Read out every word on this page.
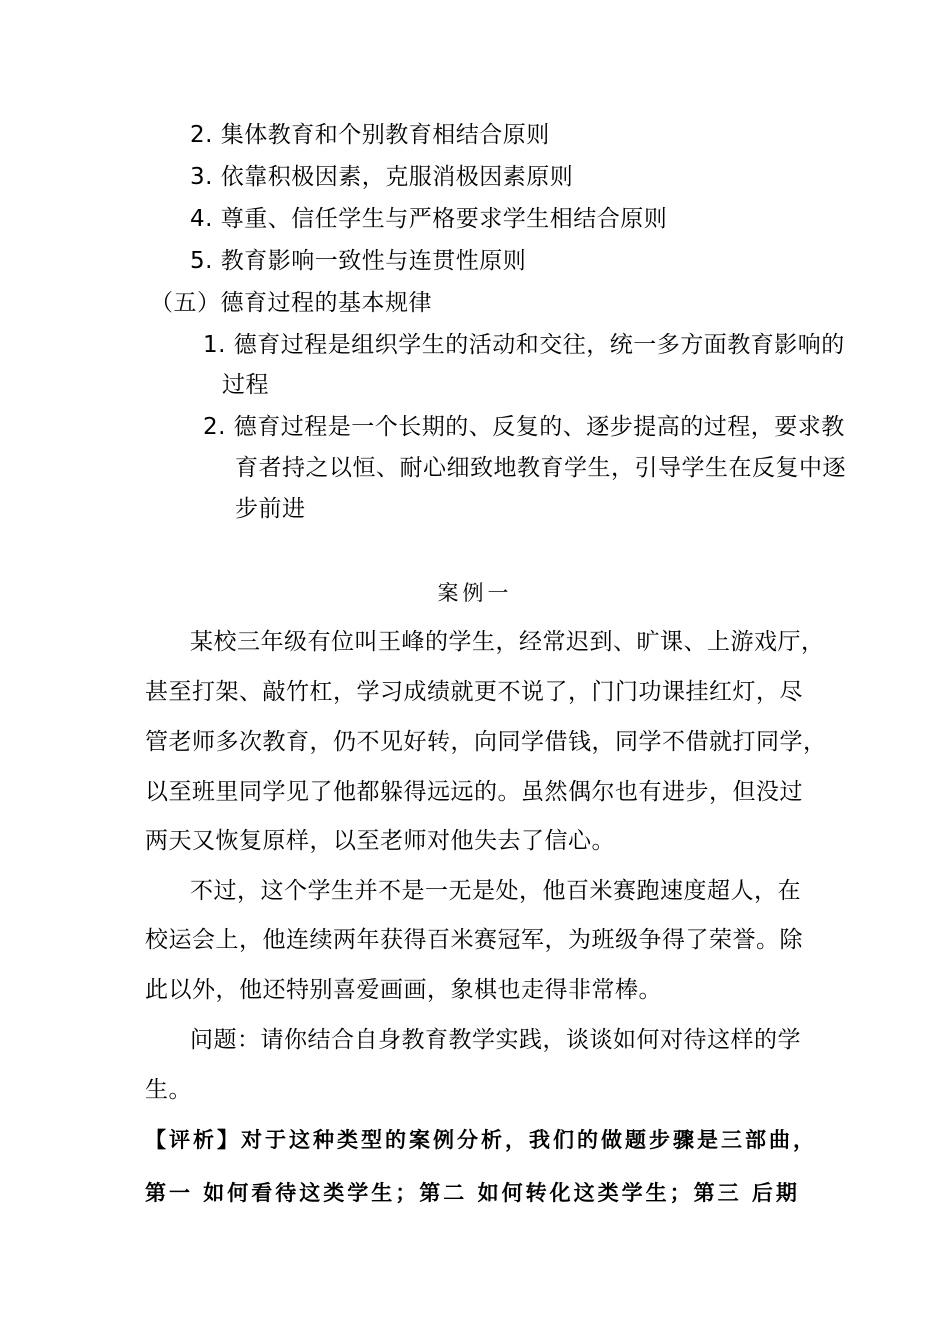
2. 集体教育和个别教育相结合原则
3. 依靠积极因素，克服消极因素原则
4. 尊重、信任学生与严格要求学生相结合原则
5. 教育影响一致性与连贯性原则
（五）德育过程的基本规律
1. 德育过程是组织学生的活动和交往，统一多方面教育影响的
过程
2. 德育过程是一个长期的、反复的、逐步提高的过程，要求教
育者持之以恒、耐心细致地教育学生，引导学生在反复中逐
步前进
案例一
某校三年级有位叫王峰的学生，经常迟到、旷课、上游戏厅，
甚至打架、敲竹杠，学习成绩就更不说了，门门功课挂红灯，尽
管老师多次教育，仍不见好转，向同学借钱，同学不借就打同学，
以至班里同学见了他都躲得远远的。虽然偶尔也有进步，但没过
两天又恢复原样，以至老师对他失去了信心。
不过，这个学生并不是一无是处，他百米赛跑速度超人，在
校运会上，他连续两年获得百米赛冠军，为班级争得了荣誉。除
此以外，他还特别喜爱画画，象棋也走得非常棒。
问题：请你结合自身教育教学实践，谈谈如何对待这样的学
生。
【评析】对于这种类型的案例分析，我们的做题步骤是三部曲，
第一 如何看待这类学生；第二 如何转化这类学生；第三 后期
